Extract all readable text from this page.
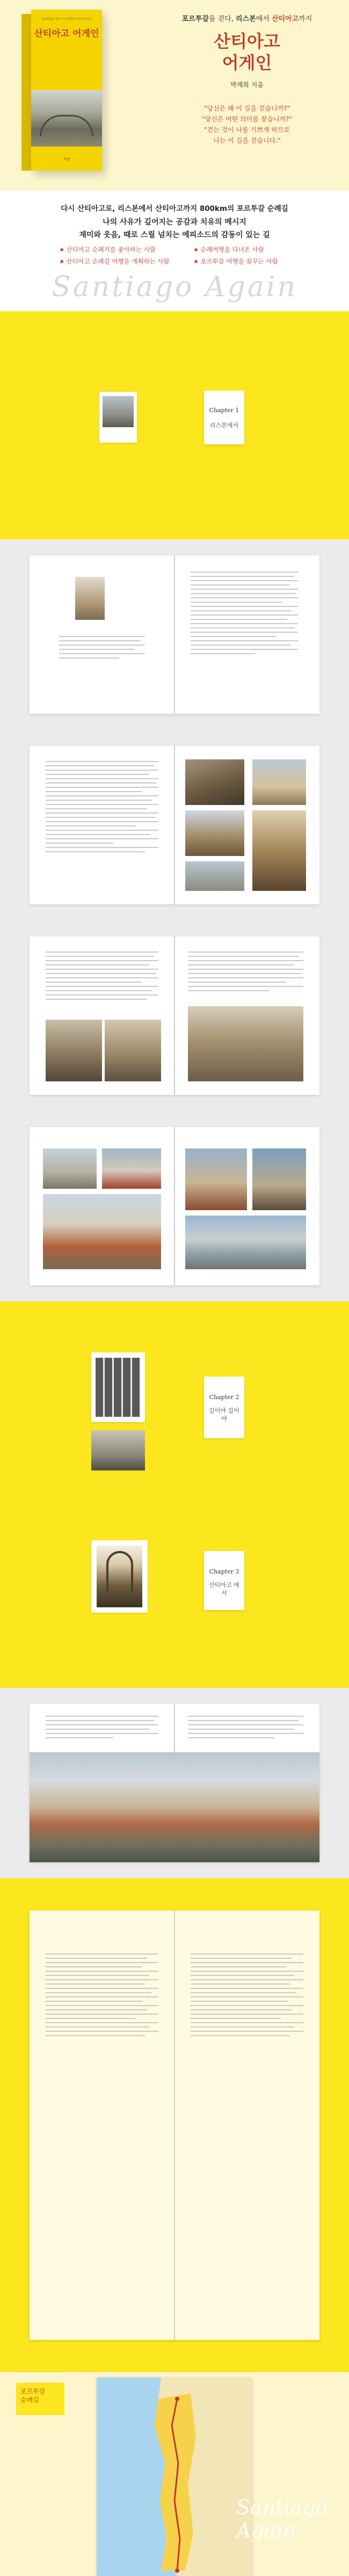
포르투갈을 걷다, 리스본에서 산티아고까지
산티아고 어게인
북랩
포르투갈을 걷다, 리스본에서 산티아고까지
산티아고
어게인
박재희 지음
"당신은 왜 이 길을 걷습니까?"
"당신은 어떤 의미를 찾습니까?"
"걷는 것이 나를 기쁘게 하므로
나는 이 길을 걷습니다."
다시 산티아고로, 리스본에서 산티아고까지 800km의 포르투갈 순례길
나의 사유가 깊어지는 공감과 치유의 메시지
재미와 웃음, 때로 스릴 넘치는 에피소드의 감동이 있는 길
★ 산티아고 순례기를 좋아하는 사람	★ 순례여행을 다녀온 사람
★ 산티아고 순례길 여행을 계획하는 사람	★ 포르투갈 여행을 꿈꾸는 사람
Santiago Again
Chapter 1
리스본에서
Chapter 2
길이야 길이야
Chapter 3
산티아고 에서
포르투갈
순례길
Santiago Again
